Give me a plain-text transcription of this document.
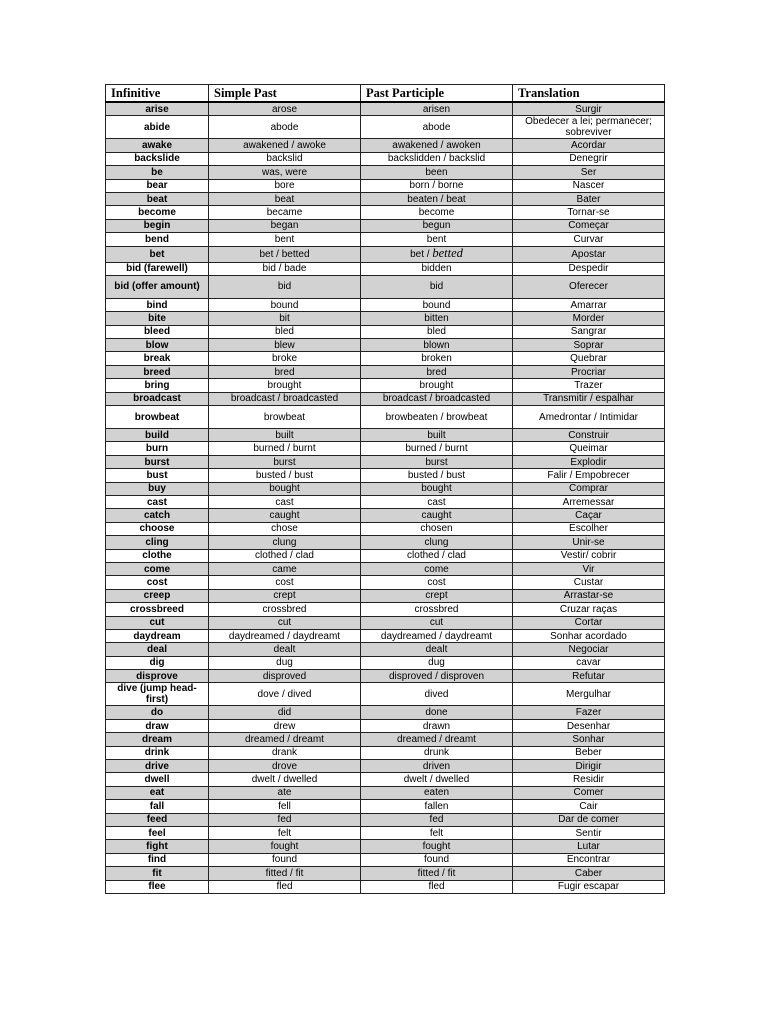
Infinitive	Simple Past	Past Participle	Translation
arise	arose	arisen	Surgir
abide	abode	abode	Obedecer a lei; permanecer; sobreviver
awake	awakened / awoke	awakened / awoken	Acordar
backslide	backslid	backslidden / backslid	Denegrir
be	was, were	been	Ser
bear	bore	born / borne	Nascer
beat	beat	beaten / beat	Bater
become	became	become	Tornar-se
begin	began	begun	Começar
bend	bent	bent	Curvar
bet	bet / betted	bet / betted	Apostar
bid (farewell)	bid / bade	bidden	Despedir
bid (offer amount)	bid	bid	Oferecer
bind	bound	bound	Amarrar
bite	bit	bitten	Morder
bleed	bled	bled	Sangrar
blow	blew	blown	Soprar
break	broke	broken	Quebrar
breed	bred	bred	Procriar
bring	brought	brought	Trazer
broadcast	broadcast / broadcasted	broadcast / broadcasted	Transmitir / espalhar
browbeat	browbeat	browbeaten / browbeat	Amedrontar / Intimidar
build	built	built	Construir
burn	burned / burnt	burned / burnt	Queimar
burst	burst	burst	Explodir
bust	busted / bust	busted / bust	Falir / Empobrecer
buy	bought	bought	Comprar
cast	cast	cast	Arremessar
catch	caught	caught	Caçar
choose	chose	chosen	Escolher
cling	clung	clung	Unir-se
clothe	clothed / clad	clothed / clad	Vestir/ cobrir
come	came	come	Vir
cost	cost	cost	Custar
creep	crept	crept	Arrastar-se
crossbreed	crossbred	crossbred	Cruzar raças
cut	cut	cut	Cortar
daydream	daydreamed / daydreamt	daydreamed / daydreamt	Sonhar acordado
deal	dealt	dealt	Negociar
dig	dug	dug	cavar
disprove	disproved	disproved / disproven	Refutar
dive (jump head-first)	dove / dived	dived	Mergulhar
do	did	done	Fazer
draw	drew	drawn	Desenhar
dream	dreamed / dreamt	dreamed / dreamt	Sonhar
drink	drank	drunk	Beber
drive	drove	driven	Dirigir
dwell	dwelt / dwelled	dwelt / dwelled	Residir
eat	ate	eaten	Comer
fall	fell	fallen	Cair
feed	fed	fed	Dar de comer
feel	felt	felt	Sentir
fight	fought	fought	Lutar
find	found	found	Encontrar
fit	fitted / fit	fitted / fit	Caber
flee	fled	fled	Fugir escapar
